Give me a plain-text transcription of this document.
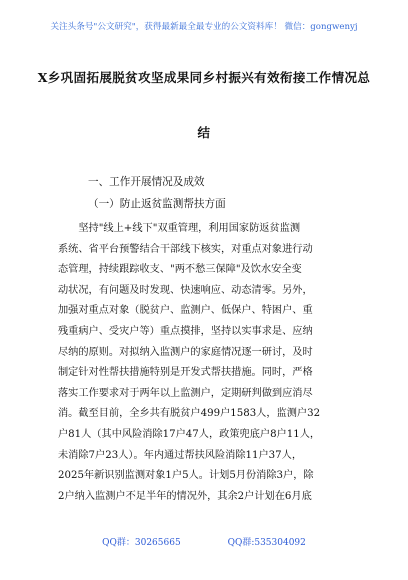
关注头条号"公文研究"，获得最新最全最专业的公文资料库！ 微信：gongwenyj
X乡巩固拓展脱贫攻坚成果同乡村振兴有效衔接工作情况总
结
一、工作开展情况及成效
（一）防止返贫监测帮扶方面
　　坚持"线上+线下"双重管理，利用国家防返贫监测
系统、省平台预警结合干部线下核实，对重点对象进行动
态管理，持续跟踪收支、"两不愁三保障"及饮水安全变
动状况，有问题及时发现、快速响应、动态清零。另外，
加强对重点对象（脱贫户、监测户、低保户、特困户、重
残重病户、受灾户等）重点摸排，坚持以实事求是、应纳
尽纳的原则。对拟纳入监测户的家庭情况逐一研讨，及时
制定针对性帮扶措施特别是开发式帮扶措施。同时，严格
落实工作要求对于两年以上监测户，定期研判做到应消尽
消。截至目前，全乡共有脱贫户499户1583人，监测户32
户81人（其中风险消除17户47人，政策兜底户8户11人，
未消除7户23人）。年内通过帮扶风险消除11户37人，
2025年新识别监测对象1户5人。计划5月份消除3户，除
2户纳入监测户不足半年的情况外，其余2户计划在6月底
QQ群：30265665	QQ群:535304092
